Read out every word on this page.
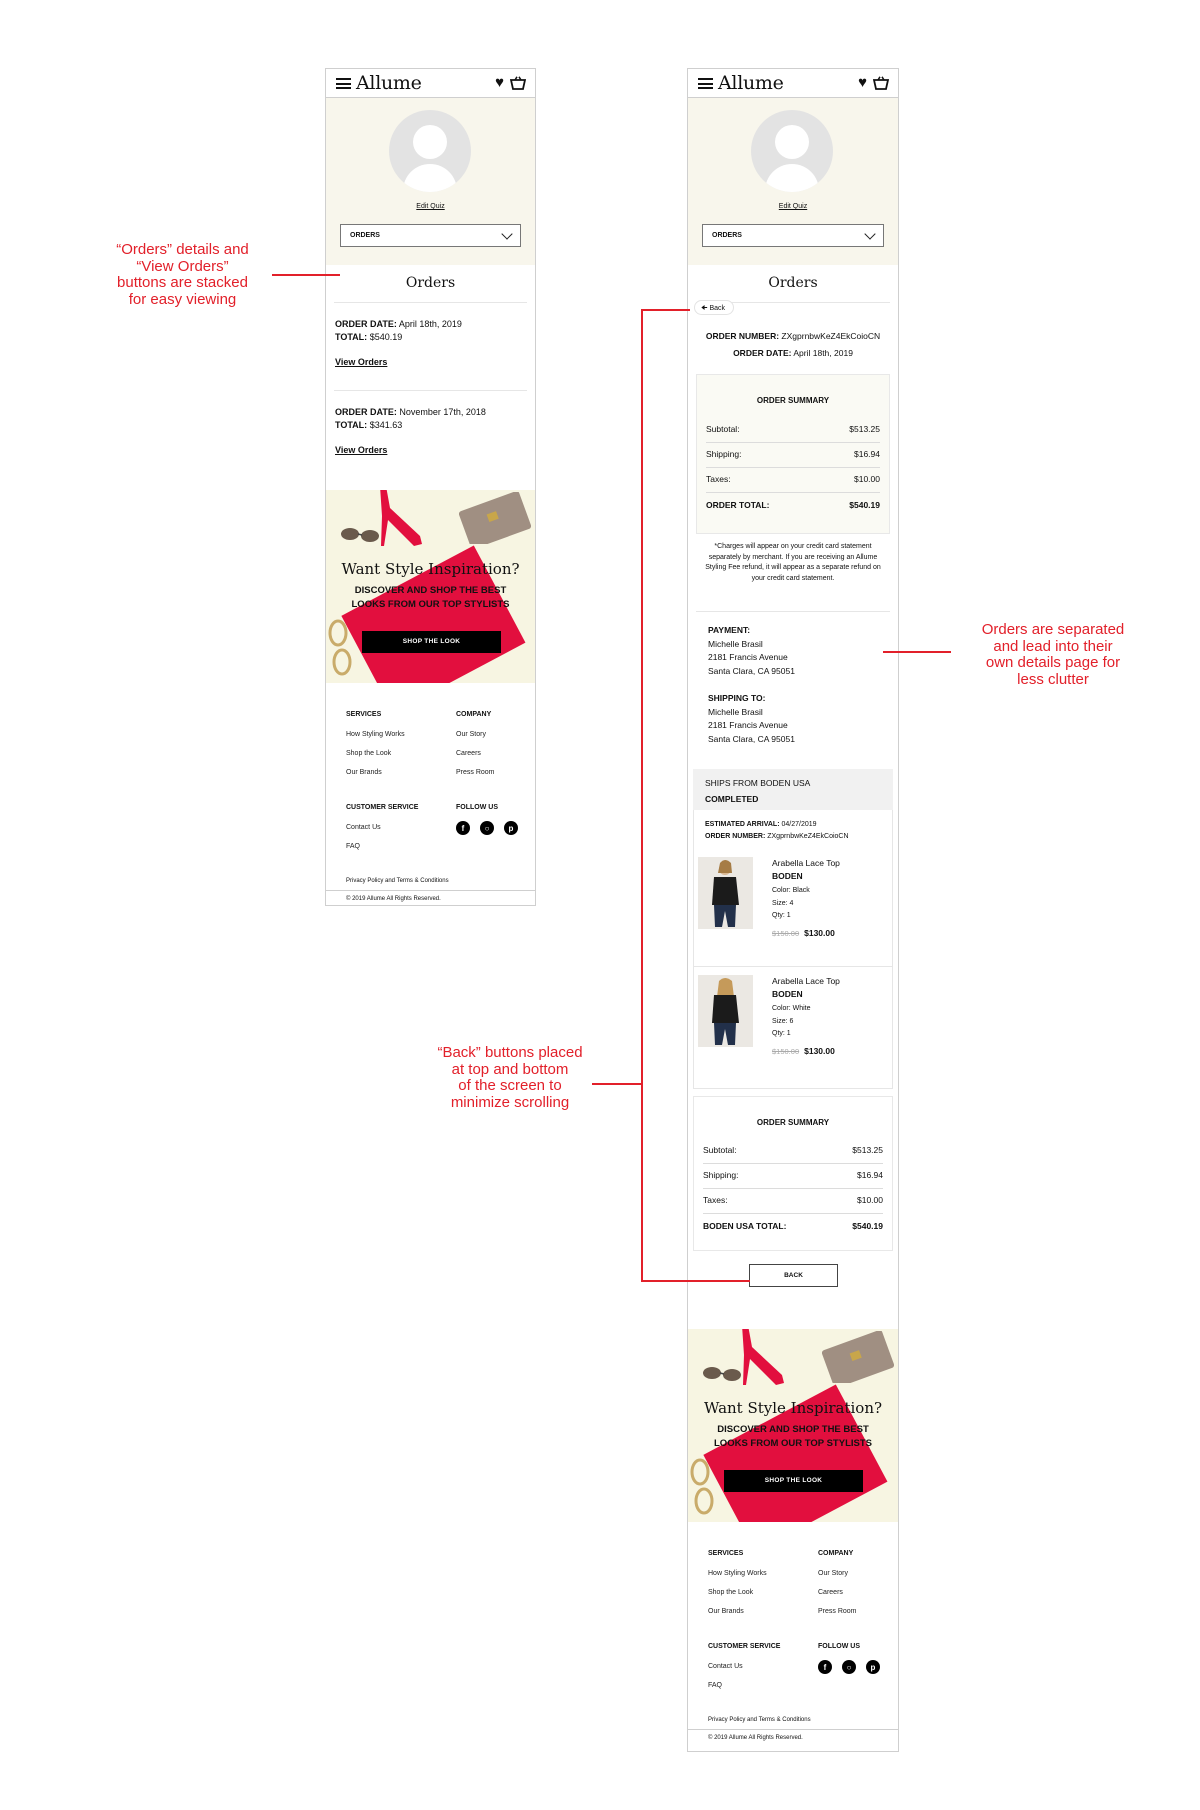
Allume	♥
Edit Quiz
ORDERS
Orders
ORDER DATE: April 18th, 2019
TOTAL: $540.19
View Orders
ORDER DATE: November 17th, 2018
TOTAL: $341.63
View Orders
Want Style Inspiration?
DISCOVER AND SHOP THE BEST
LOOKS FROM OUR TOP STYLISTS
SHOP THE LOOK
SERVICES
How Styling Works
Shop the Look
Our Brands
COMPANY
Our Story
Careers
Press Room
CUSTOMER SERVICE
Contact Us
FAQ
FOLLOW US
f	○	p
Privacy Policy and Terms & Conditions
© 2019 Allume All Rights Reserved.
Allume	♥
Edit Quiz
ORDERS
Orders
🠈 Back
ORDER NUMBER: ZXgprnbwKeZ4EkCoioCN
ORDER DATE: April 18th, 2019
ORDER SUMMARY
Subtotal:	$513.25
Shipping:	$16.94
Taxes:	$10.00
ORDER TOTAL:	$540.19
*Charges will appear on your credit card statement separately by merchant. If you are receiving an Allume Styling Fee refund, it will appear as a separate refund on your credit card statement.
PAYMENT:
Michelle Brasil
2181 Francis Avenue
Santa Clara, CA 95051
SHIPPING TO:
Michelle Brasil
2181 Francis Avenue
Santa Clara, CA 95051
SHIPS FROM BODEN USA
COMPLETED
ESTIMATED ARRIVAL: 04/27/2019
ORDER NUMBER: ZXgprnbwKeZ4EkCoioCN
Arabella Lace Top
BODEN
Color: Black
Size: 4
Qty: 1
$150.00 $130.00
Arabella Lace Top
BODEN
Color: White
Size: 6
Qty: 1
$150.00 $130.00
ORDER SUMMARY
Subtotal:	$513.25
Shipping:	$16.94
Taxes:	$10.00
BODEN USA TOTAL:	$540.19
BACK
Want Style Inspiration?
DISCOVER AND SHOP THE BEST
LOOKS FROM OUR TOP STYLISTS
SHOP THE LOOK
SERVICES
How Styling Works
Shop the Look
Our Brands
COMPANY
Our Story
Careers
Press Room
CUSTOMER SERVICE
Contact Us
FAQ
FOLLOW US
f	○	p
Privacy Policy and Terms & Conditions
© 2019 Allume All Rights Reserved.
“Orders” details and
“View Orders”
buttons are stacked
for easy viewing
Orders are separated
and lead into their
own details page for
less clutter
“Back” buttons placed
at top and bottom
of the screen to
minimize scrolling
